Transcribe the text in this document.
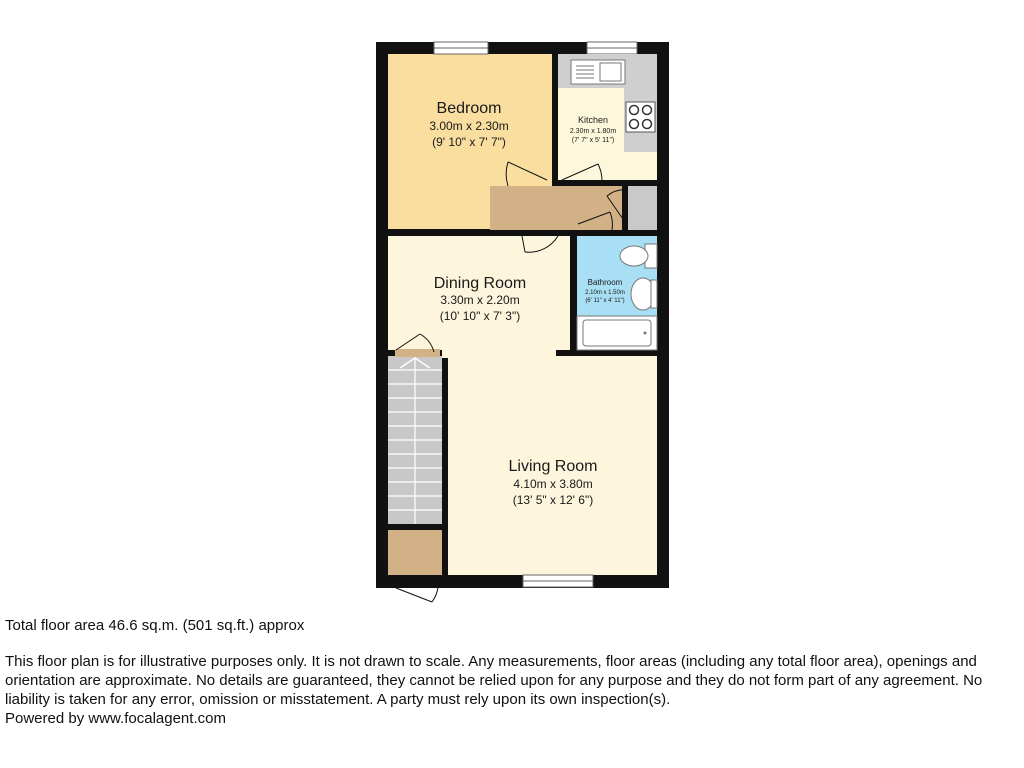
Bedroom
3.00m x 2.30m
(9' 10" x 7' 7")
Kitchen
2.30m x 1.80m
(7' 7" x 5' 11")
Dining Room
3.30m x 2.20m
(10' 10" x 7' 3")
Bathroom
2.10m x 1.50m
(6' 11" x 4' 11")
Living Room
4.10m x 3.80m
(13' 5" x 12' 6")

Total floor area 46.6 sq.m. (501 sq.ft.) approx

This floor plan is for illustrative purposes only. It is not drawn to scale. Any measurements, floor areas (including any total floor area), openings and orientation are approximate. No details are guaranteed, they cannot be relied upon for any purpose and they do not form part of any agreement. No liability is taken for any error, omission or misstatement. A party must rely upon its own inspection(s).

Powered by www.focalagent.com
